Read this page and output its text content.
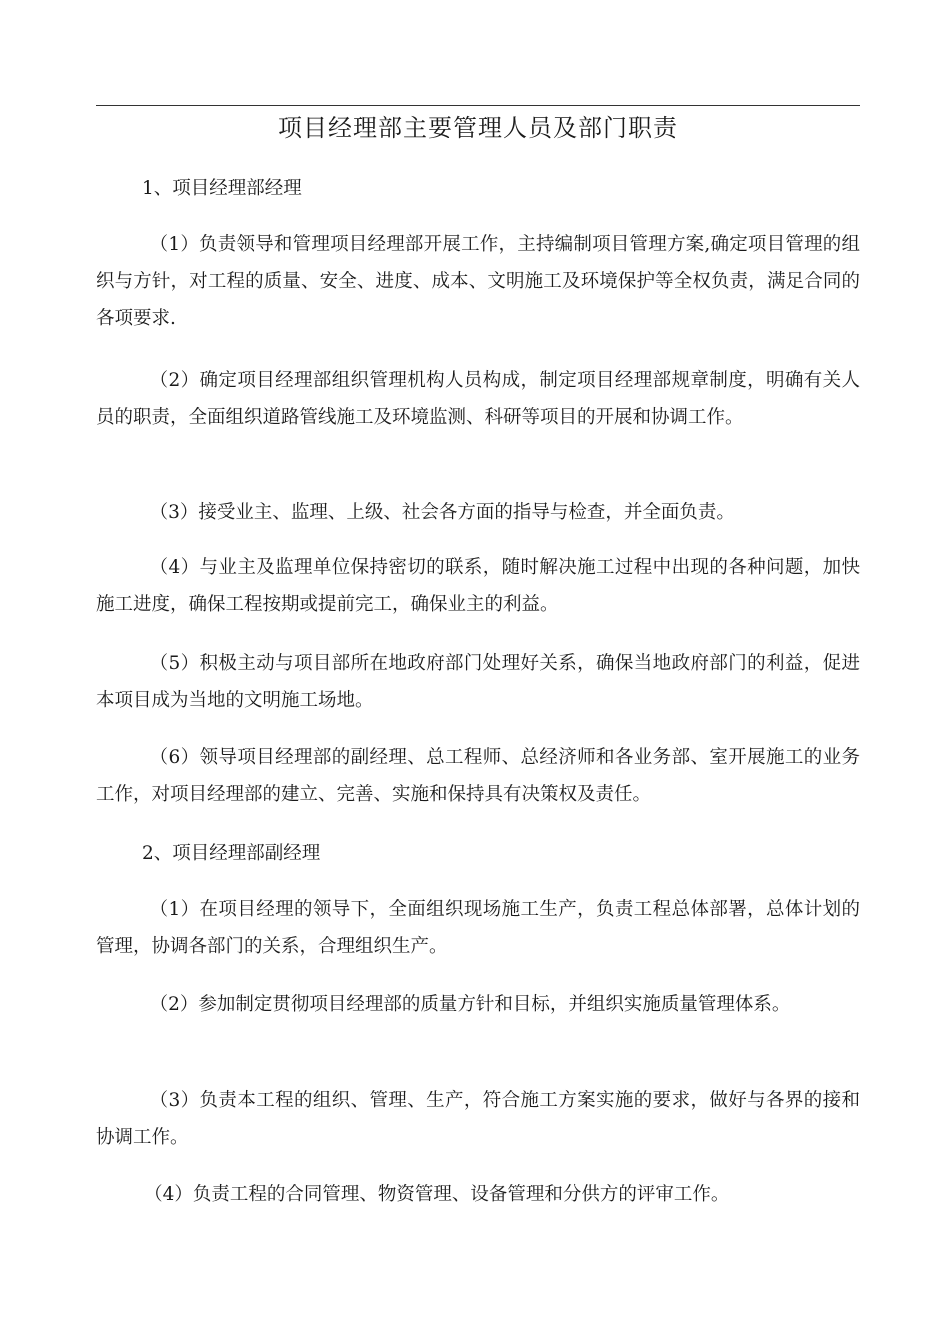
项目经理部主要管理人员及部门职责

1、项目经理部经理

（1）负责领导和管理项目经理部开展工作，主持编制项目管理方案,确定项目管理的组织与方针，对工程的质量、安全、进度、成本、文明施工及环境保护等全权负责，满足合同的各项要求.

（2）确定项目经理部组织管理机构人员构成，制定项目经理部规章制度，明确有关人员的职责，全面组织道路管线施工及环境监测、科研等项目的开展和协调工作。

（3）接受业主、监理、上级、社会各方面的指导与检查，并全面负责。

（4）与业主及监理单位保持密切的联系，随时解决施工过程中出现的各种问题，加快施工进度，确保工程按期或提前完工，确保业主的利益。

（5）积极主动与项目部所在地政府部门处理好关系，确保当地政府部门的利益，促进本项目成为当地的文明施工场地。

（6）领导项目经理部的副经理、总工程师、总经济师和各业务部、室开展施工的业务工作，对项目经理部的建立、完善、实施和保持具有决策权及责任。

2、项目经理部副经理

（1）在项目经理的领导下，全面组织现场施工生产，负责工程总体部署，总体计划的管理，协调各部门的关系，合理组织生产。

（2）参加制定贯彻项目经理部的质量方针和目标，并组织实施质量管理体系。

（3）负责本工程的组织、管理、生产，符合施工方案实施的要求，做好与各界的接和协调工作。

（4）负责工程的合同管理、物资管理、设备管理和分供方的评审工作。
